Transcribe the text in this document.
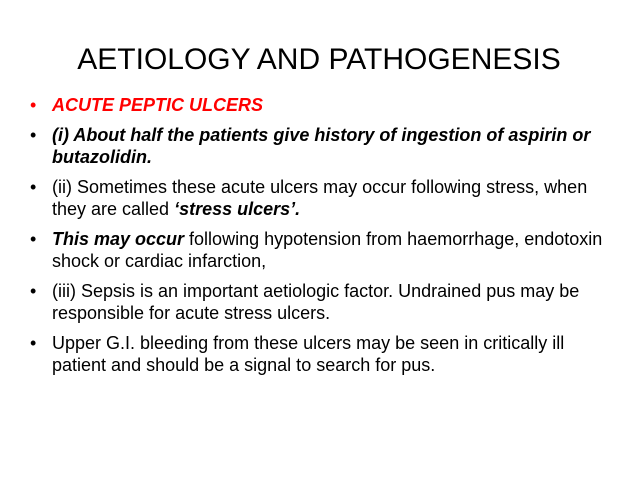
AETIOLOGY AND PATHOGENESIS
• ACUTE PEPTIC ULCERS
• (i) About half the patients give history of ingestion of aspirin or butazolidin.
• (ii) Sometimes these acute ulcers may occur following stress, when they are called ‘stress ulcers’.
• This may occur following hypotension from haemorrhage, endotoxin shock or cardiac infarction,
• (iii) Sepsis is an important aetiologic factor. Undrained pus may be responsible for acute stress ulcers.
• Upper G.I. bleeding from these ulcers may be seen in critically ill patient and should be a signal to search for pus.
